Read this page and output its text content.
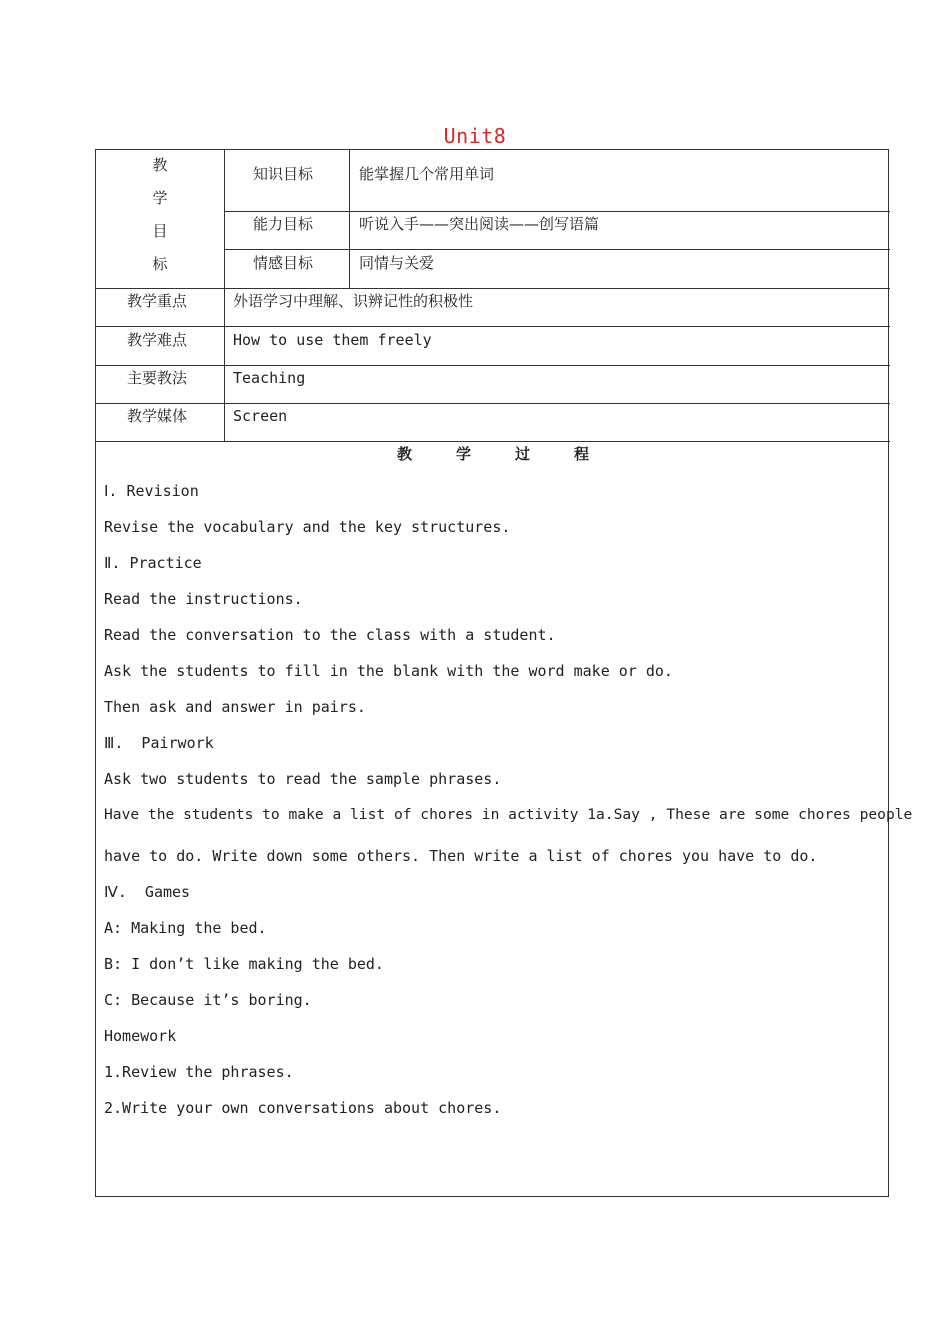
Unit8
教
学
目
标
知识目标	能掌握几个常用单词
能力目标	听说入手——突出阅读——创写语篇
情感目标	同情与关爱
教学重点	外语学习中理解、识辨记性的积极性
教学难点	How to use them freely
主要教法	Teaching
教学媒体	Screen
教	学	过	程
Ⅰ. Revision
Revise the vocabulary and the key structures.
Ⅱ. Practice
Read the instructions.
Read the conversation to the class with a student.
Ask the students to fill in the blank with the word make or do.
Then ask and answer in pairs.
Ⅲ.  Pairwork
Ask two students to read the sample phrases.
Have the students to make a list of chores in activity 1a.Say , These are some chores people
have to do. Write down some others. Then write a list of chores you have to do.
Ⅳ.  Games
A: Making the bed.
B: I don’t like making the bed.
C: Because it’s boring.
Homework
1.Review the phrases.
2.Write your own conversations about chores.
